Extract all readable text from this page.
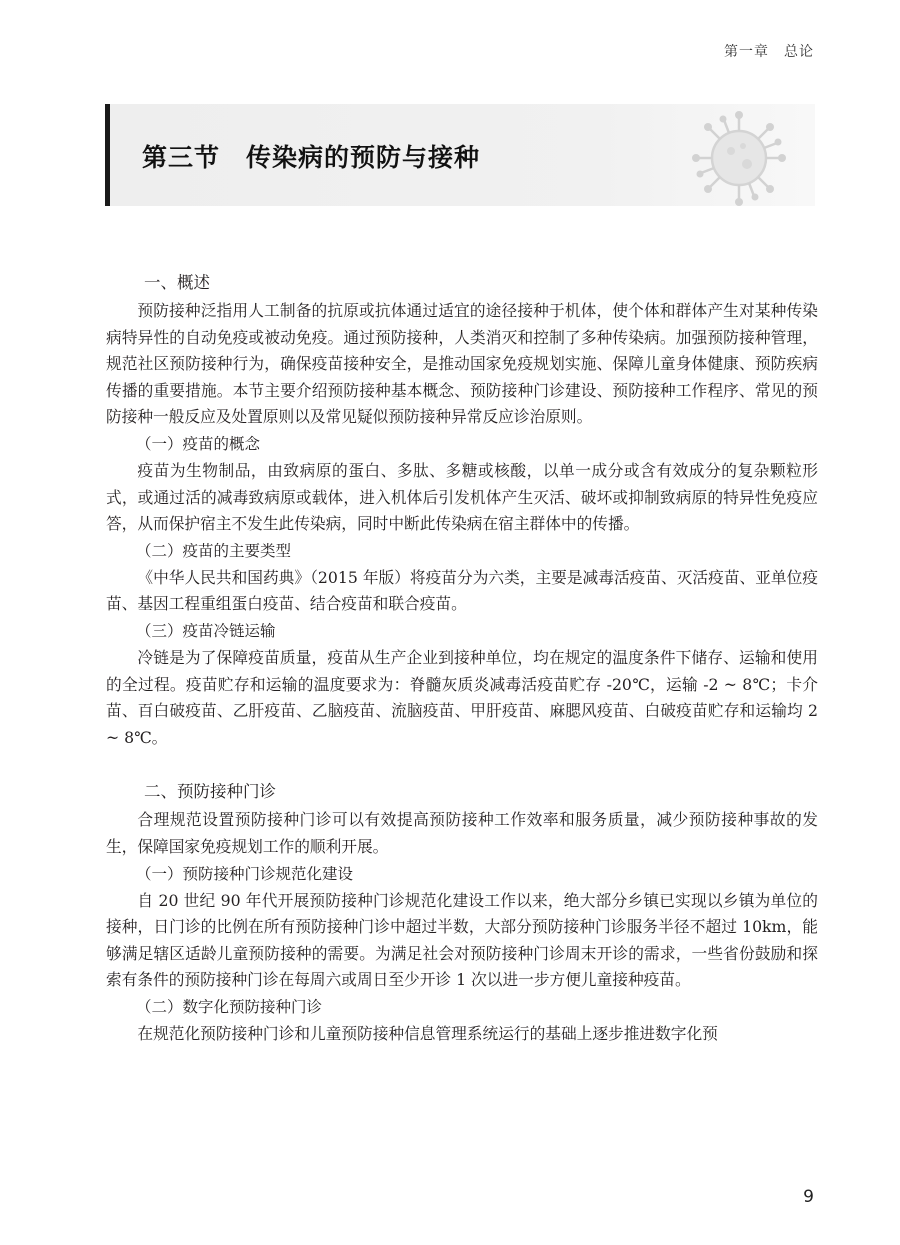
第一章　总论
第三节　传染病的预防与接种
一、概述

预防接种泛指用人工制备的抗原或抗体通过适宜的途径接种于机体，使个体和群体产生对某种传染病特异性的自动免疫或被动免疫。通过预防接种，人类消灭和控制了多种传染病。加强预防接种管理，规范社区预防接种行为，确保疫苗接种安全，是推动国家免疫规划实施、保障儿童身体健康、预防疾病传播的重要措施。本节主要介绍预防接种基本概念、预防接种门诊建设、预防接种工作程序、常见的预防接种一般反应及处置原则以及常见疑似预防接种异常反应诊治原则。

（一）疫苗的概念

疫苗为生物制品，由致病原的蛋白、多肽、多糖或核酸，以单一成分或含有效成分的复杂颗粒形式，或通过活的减毒致病原或载体，进入机体后引发机体产生灭活、破坏或抑制致病原的特异性免疫应答，从而保护宿主不发生此传染病，同时中断此传染病在宿主群体中的传播。

（二）疫苗的主要类型

《中华人民共和国药典》（2015 年版）将疫苗分为六类，主要是减毒活疫苗、灭活疫苗、亚单位疫苗、基因工程重组蛋白疫苗、结合疫苗和联合疫苗。

（三）疫苗冷链运输

冷链是为了保障疫苗质量，疫苗从生产企业到接种单位，均在规定的温度条件下储存、运输和使用的全过程。疫苗贮存和运输的温度要求为：脊髓灰质炎减毒活疫苗贮存 -20℃，运输 -2 ~ 8℃；卡介苗、百白破疫苗、乙肝疫苗、乙脑疫苗、流脑疫苗、甲肝疫苗、麻腮风疫苗、白破疫苗贮存和运输均 2 ~ 8℃。

二、预防接种门诊

合理规范设置预防接种门诊可以有效提高预防接种工作效率和服务质量，减少预防接种事故的发生，保障国家免疫规划工作的顺利开展。

（一）预防接种门诊规范化建设

自 20 世纪 90 年代开展预防接种门诊规范化建设工作以来，绝大部分乡镇已实现以乡镇为单位的接种，日门诊的比例在所有预防接种门诊中超过半数，大部分预防接种门诊服务半径不超过 10km，能够满足辖区适龄儿童预防接种的需要。为满足社会对预防接种门诊周末开诊的需求，一些省份鼓励和探索有条件的预防接种门诊在每周六或周日至少开诊 1 次以进一步方便儿童接种疫苗。

（二）数字化预防接种门诊

在规范化预防接种门诊和儿童预防接种信息管理系统运行的基础上逐步推进数字化预

9
